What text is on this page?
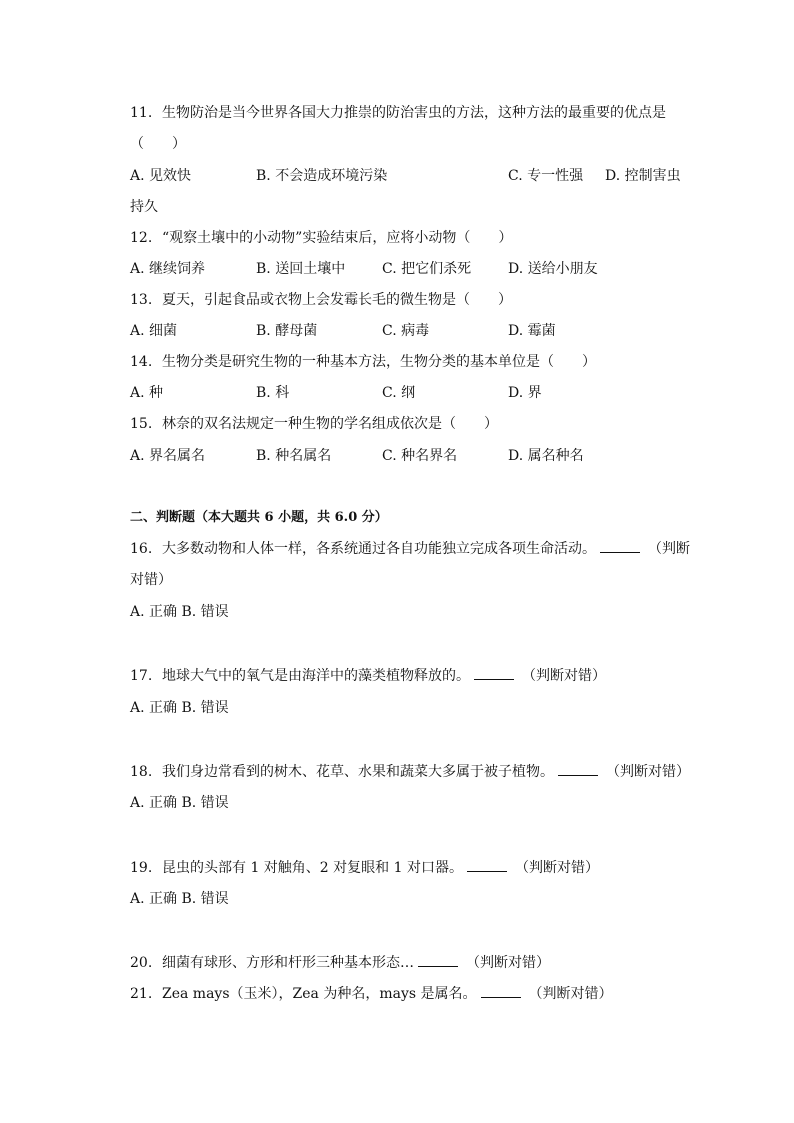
11. 生物防治是当今世界各国大力推崇的防治害虫的方法，这种方法的最重要的优点是
（　　）
A. 见效快	B. 不会造成环境污染	C. 专一性强 D. 控制害虫
持久
12. “观察土壤中的小动物”实验结束后，应将小动物（　　）
A. 继续饲养	B. 送回土壤中	C. 把它们杀死	D. 送给小朋友
13. 夏天，引起食品或衣物上会发霉长毛的微生物是（　　）
A. 细菌	B. 酵母菌	C. 病毒	D. 霉菌
14. 生物分类是研究生物的一种基本方法，生物分类的基本单位是（　　）
A. 种	B. 科	C. 纲	D. 界
15. 林奈的双名法规定一种生物的学名组成依次是（　　）
A. 界名属名	B. 种名属名	C. 种名界名	D. 属名种名
二、判断题（本大题共 6 小题，共 6.0 分）
16. 大多数动物和人体一样，各系统通过各自功能独立完成各项生命活动。	（判断
对错）
A. 正确 B. 错误
17. 地球大气中的氧气是由海洋中的藻类植物释放的。	（判断对错）
A. 正确 B. 错误
18. 我们身边常看到的树木、花草、水果和蔬菜大多属于被子植物。	（判断对错）
A. 正确 B. 错误
19. 昆虫的头部有 1 对触角、2 对复眼和 1 对口器。	（判断对错）
A. 正确 B. 错误
20. 细菌有球形、方形和杆形三种基本形态…	（判断对错）
21. Zea mays（玉米），Zea 为种名，mays 是属名。	（判断对错）
